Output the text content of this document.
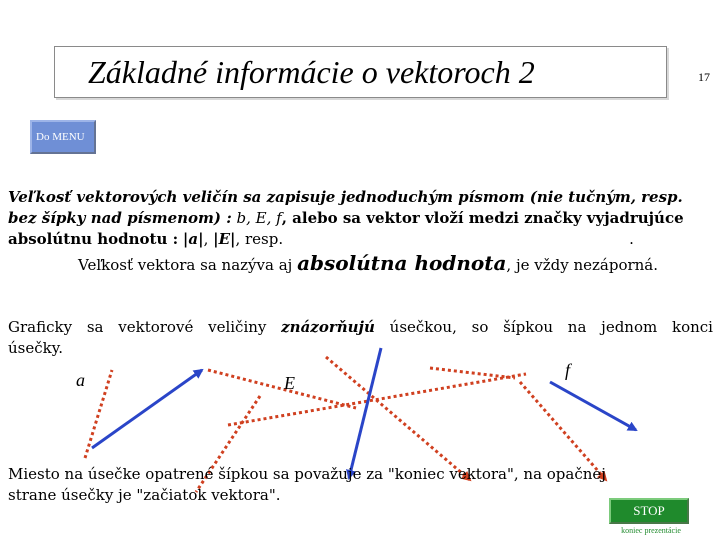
Základné informácie o vektoroch 2	17
Do MENU
Veľkosť vektorových veličín sa zapisuje jednoduchým písmom (nie tučným, resp. bez šípky nad písmenom) : b, E, f, alebo sa vektor vloží medzi značky vyjadrujúce absolútnu hodnotu : |a|, |E|, resp.	.
Veľkosť vektora sa nazýva aj absolútna hodnota, je vždy nezáporná.
Graficky sa vektorové veličiny znázorňujú úsečkou, so šípkou na jednom konci
úsečky.
a	E
f
Miesto na úsečke opatrené šípkou sa považuje za "koniec vektora", na opačnej strane úsečky je "začiatok vektora".
STOP
koniec prezentácie
